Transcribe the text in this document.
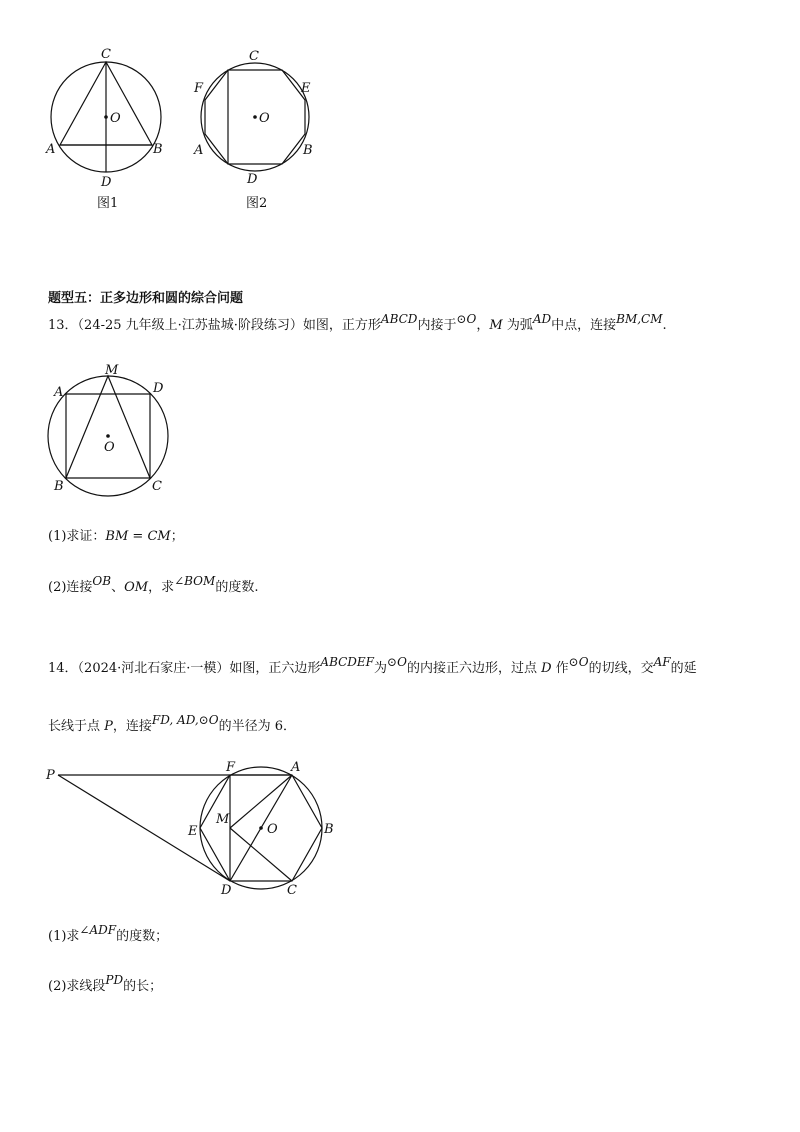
C
O
A	B
D
图1
C
F	E
O
A	B
D
图2
题型五：正多边形和圆的综合问题
13．（24-25 九年级上·江苏盐城·阶段练习）如图，正方形ABCD内接于⊙O，M 为弧AD中点，连接BM,CM.
M
A	D
O
B	C
(1)求证：BM = CM；
(2)连接OB、OM，求∠BOM的度数.
14．（2024·河北石家庄·一模）如图，正六边形ABCDEF为⊙O的内接正六边形，过点 D 作⊙O的切线，交AF的延
长线于点 P，连接FD, AD,⊙O的半径为 6．
P
F	A
E
M
O	B
D	C
(1)求∠ADF的度数；
(2)求线段PD的长；
